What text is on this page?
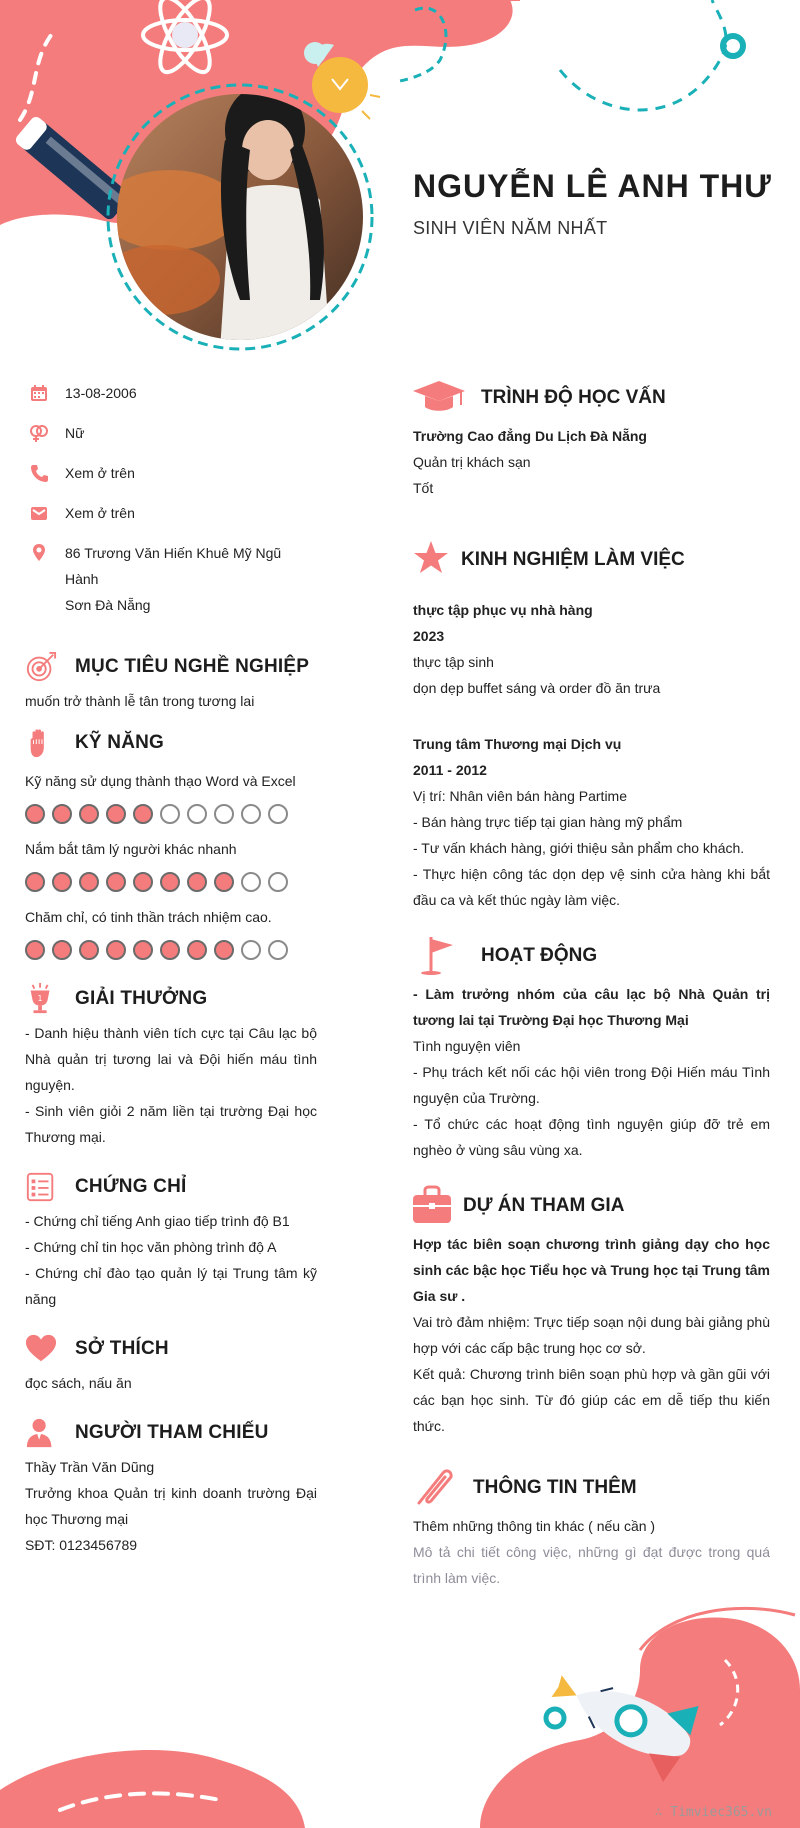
NGUYỄN LÊ ANH THƯ
SINH VIÊN NĂM NHẤT
13-08-2006
Nữ
Xem ở trên
Xem ở trên
86 Trương Văn Hiến Khuê Mỹ Ngũ Hành
Sơn Đà Nẵng
MỤC TIÊU NGHỀ NGHIỆP
muốn trở thành lễ tân trong tương lai
KỸ NĂNG
Kỹ năng sử dụng thành thạo Word và Excel
Nắm bắt tâm lý người khác nhanh
Chăm chỉ, có tinh thần trách nhiệm cao.
1 GIẢI THƯỞNG
- Danh hiệu thành viên tích cực tại Câu lạc bộ Nhà quản trị tương lai và Đội hiến máu tình nguyện.
- Sinh viên giỏi 2 năm liền tại trường Đại học Thương mại.
CHỨNG CHỈ
- Chứng chỉ tiếng Anh giao tiếp trình độ B1
- Chứng chỉ tin học văn phòng trình độ A
- Chứng chỉ đào tạo quản lý tại Trung tâm kỹ năng
SỞ THÍCH
đọc sách, nấu ăn
NGƯỜI THAM CHIẾU
Thầy Trần Văn Dũng
Trưởng khoa Quản trị kinh doanh trường Đại học Thương mại
SĐT: 0123456789
TRÌNH ĐỘ HỌC VẤN
Trường Cao đẳng Du Lịch Đà Nẵng
Quản trị khách sạn
Tốt
KINH NGHIỆM LÀM VIỆC
thực tập phục vụ nhà hàng
2023
thực tập sinh
dọn dẹp buffet sáng và order đồ ăn trưa
Trung tâm Thương mại Dịch vụ
2011 - 2012
Vị trí: Nhân viên bán hàng Partime
- Bán hàng trực tiếp tại gian hàng mỹ phẩm
- Tư vấn khách hàng, giới thiệu sản phẩm cho khách.
- Thực hiện công tác dọn dẹp vệ sinh cửa hàng khi bắt đầu ca và kết thúc ngày làm việc.
HOẠT ĐỘNG
- Làm trưởng nhóm của câu lạc bộ Nhà Quản trị tương lai tại Trường Đại học Thương Mại
Tình nguyện viên
- Phụ trách kết nối các hội viên trong Đội Hiến máu Tình nguyện của Trường.
- Tổ chức các hoạt động tình nguyện giúp đỡ trẻ em nghèo ở vùng sâu vùng xa.
DỰ ÁN THAM GIA
Hợp tác biên soạn chương trình giảng dạy cho học sinh các bậc học Tiểu học và Trung học tại Trung tâm Gia sư .
Vai trò đảm nhiệm: Trực tiếp soạn nội dung bài giảng phù hợp với các cấp bậc trung học cơ sở.
Kết quả: Chương trình biên soạn phù hợp và gần gũi với các bạn học sinh. Từ đó giúp các em dễ tiếp thu kiến thức.
THÔNG TIN THÊM
Thêm những thông tin khác ( nếu cần )
Mô tả chi tiết công việc, những gì đạt được trong quá trình làm việc.
∴ Timviec365.vn
